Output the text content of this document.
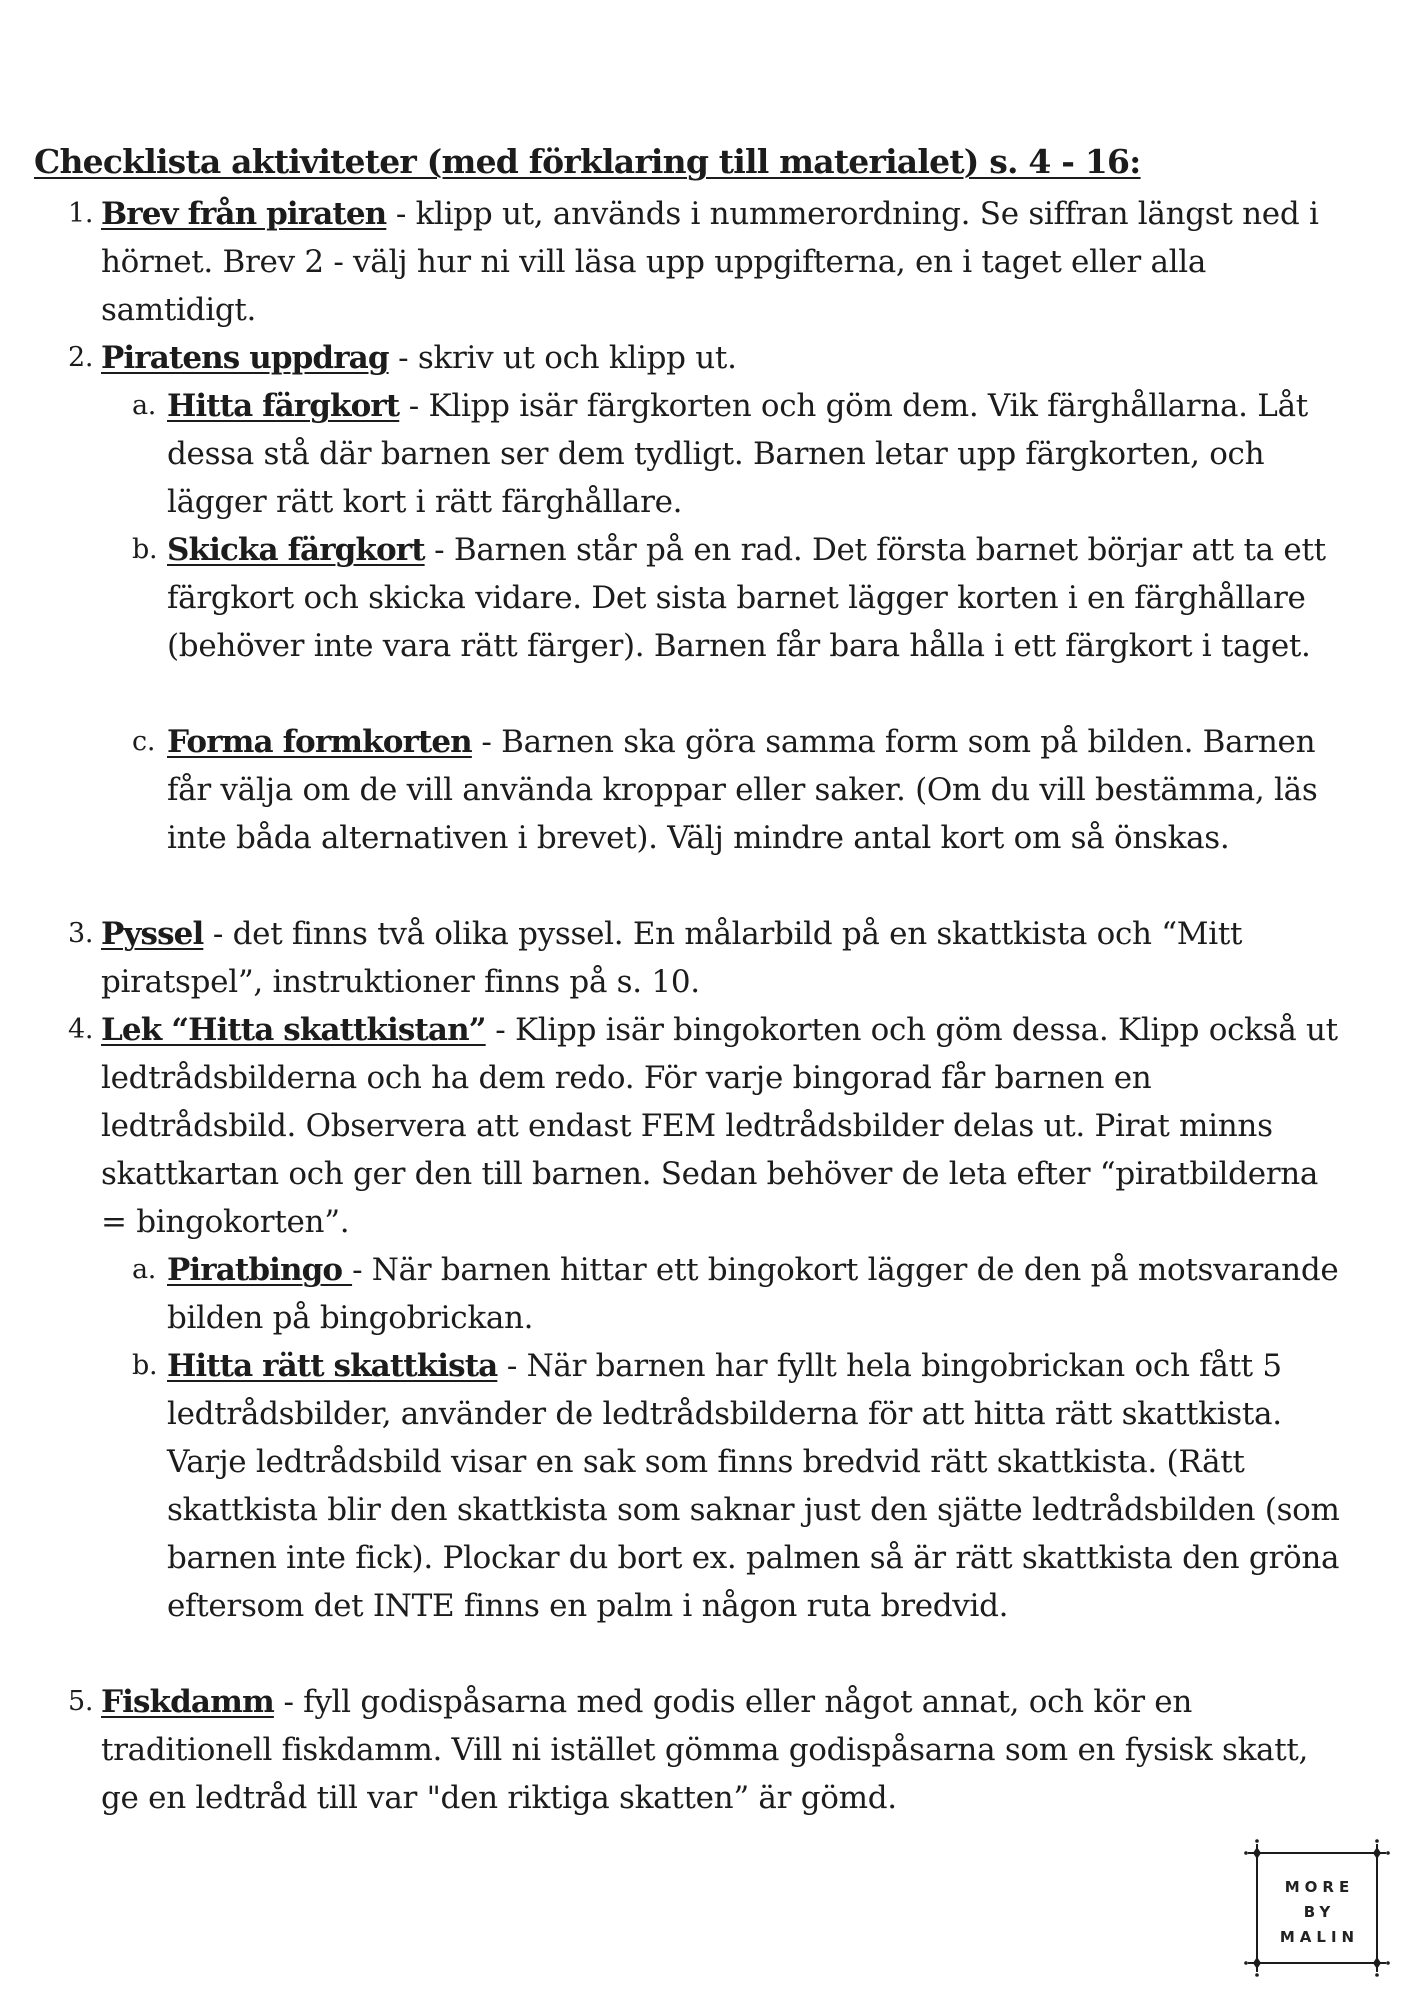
Checklista aktiviteter (med förklaring till materialet) s. 4 - 16:

1. Brev från piraten - klipp ut, används i nummerordning. Se siffran längst ned i hörnet. Brev 2 - välj hur ni vill läsa upp uppgifterna, en i taget eller alla samtidigt.

2. Piratens uppdrag - skriv ut och klipp ut.

a. Hitta färgkort - Klipp isär färgkorten och göm dem. Vik färghållarna. Låt dessa stå där barnen ser dem tydligt. Barnen letar upp färgkorten, och lägger rätt kort i rätt färghållare.

b. Skicka färgkort - Barnen står på en rad. Det första barnet börjar att ta ett färgkort och skicka vidare. Det sista barnet lägger korten i en färghållare (behöver inte vara rätt färger). Barnen får bara hålla i ett färgkort i taget.

c. Forma formkorten - Barnen ska göra samma form som på bilden. Barnen får välja om de vill använda kroppar eller saker. (Om du vill bestämma, läs inte båda alternativen i brevet). Välj mindre antal kort om så önskas.

3. Pyssel - det finns två olika pyssel. En målarbild på en skattkista och “Mitt piratspel”, instruktioner finns på s. 10.

4. Lek “Hitta skattkistan” - Klipp isär bingokorten och göm dessa. Klipp också ut ledtrådsbilderna och ha dem redo. För varje bingorad får barnen en ledtrådsbild. Observera att endast FEM ledtrådsbilder delas ut. Pirat minns skattkartan och ger den till barnen. Sedan behöver de leta efter “piratbilderna = bingokorten”.

a. Piratbingo - När barnen hittar ett bingokort lägger de den på motsvarande bilden på bingobrickan.

b. Hitta rätt skattkista - När barnen har fyllt hela bingobrickan och fått 5 ledtrådsbilder, använder de ledtrådsbilderna för att hitta rätt skattkista. Varje ledtrådsbild visar en sak som finns bredvid rätt skattkista. (Rätt skattkista blir den skattkista som saknar just den sjätte ledtrådsbilden (som barnen inte fick). Plockar du bort ex. palmen så är rätt skattkista den gröna eftersom det INTE finns en palm i någon ruta bredvid.

5. Fiskdamm - fyll godispåsarna med godis eller något annat, och kör en traditionell fiskdamm. Vill ni istället gömma godispåsarna som en fysisk skatt, ge en ledtråd till var "den riktiga skatten” är gömd.

MORE
BY
MALIN
